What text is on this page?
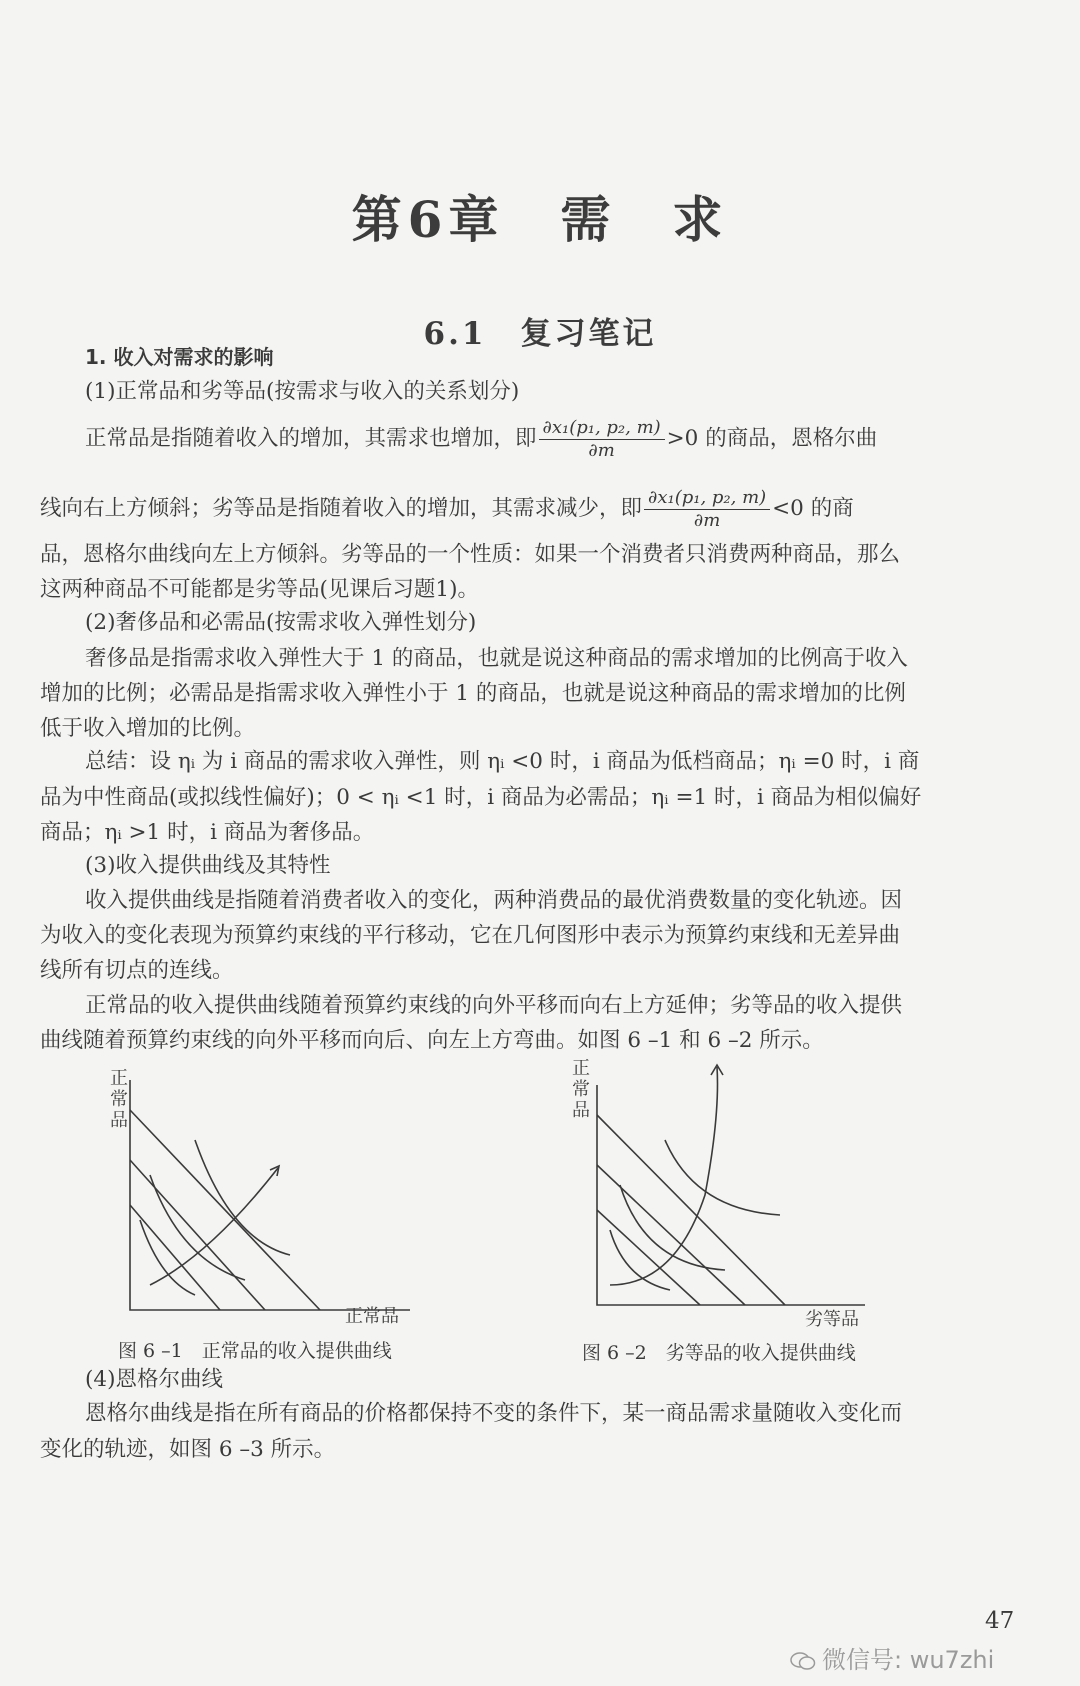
第6章　需　求
6.1　复习笔记
1. 收入对需求的影响
(1)正常品和劣等品(按需求与收入的关系划分)
正常品是指随着收入的增加，其需求也增加，即 $\frac{\text{∂x₁(p₁, p₂, m)}}{\partial m} >0$ 的商品，恩格尔曲
线向右上方倾斜；劣等品是指随着收入的增加，其需求减少，即 $\frac{\text{∂x₁(p₁, p₂, m)}}{\partial m} <0$ 的商
品，恩格尔曲线向左上方倾斜。劣等品的一个性质：如果一个消费者只消费两种商品，那么
这两种商品不可能都是劣等品(见课后习题1)。
(2)奢侈品和必需品(按需求收入弹性划分)
奢侈品是指需求收入弹性大于 1 的商品，也就是说这种商品的需求增加的比例高于收入
增加的比例；必需品是指需求收入弹性小于 1 的商品，也就是说这种商品的需求增加的比例
低于收入增加的比例。
总结：设 ηᵢ 为 i 商品的需求收入弹性，则 ηᵢ <0 时，i 商品为低档商品；ηᵢ =0 时，i 商
品为中性商品(或拟线性偏好)；0 < ηᵢ <1 时，i 商品为必需品；ηᵢ =1 时，i 商品为相似偏好
商品；ηᵢ >1 时，i 商品为奢侈品。
(3)收入提供曲线及其特性
收入提供曲线是指随着消费者收入的变化，两种消费品的最优消费数量的变化轨迹。因
为收入的变化表现为预算约束线的平行移动，它在几何图形中表示为预算约束线和无差异曲
线所有切点的连线。
正常品的收入提供曲线随着预算约束线的向外平移而向右上方延伸；劣等品的收入提供
曲线随着预算约束线的向外平移而向后、向左上方弯曲。如图 6 –1 和 6 –2 所示。
正
常
品
正常品
图 6 –1　正常品的收入提供曲线
正
常
品
劣等品
图 6 –2　劣等品的收入提供曲线
(4)恩格尔曲线
恩格尔曲线是指在所有商品的价格都保持不变的条件下，某一商品需求量随收入变化而
变化的轨迹，如图 6 –3 所示。
47
微信号: wu7zhi
